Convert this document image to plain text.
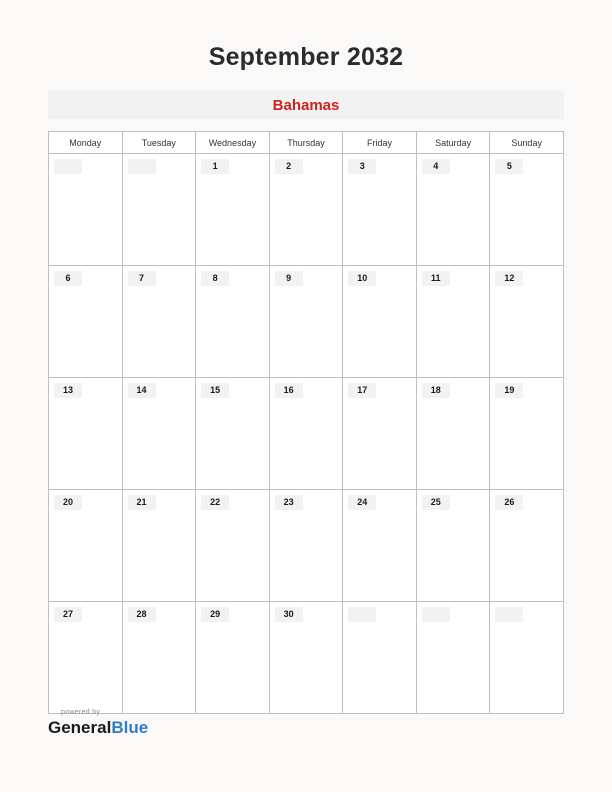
September 2032
Bahamas
Monday	Tuesday	Wednesday	Thursday	Friday	Saturday	Sunday

		1	2	3	4	5

6	7	8	9	10	11	12

13	14	15	16	17	18	19

20	21	22	23	24	25	26

27	28	29	30			

powered by
GeneralBlue
